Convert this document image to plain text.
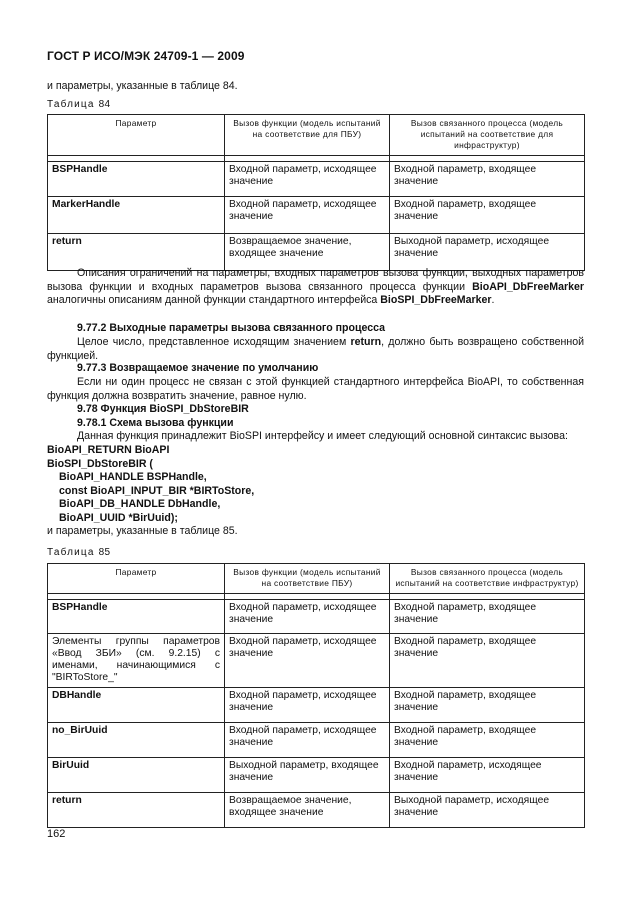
ГОСТ Р ИСО/МЭК 24709-1 — 2009
и параметры, указанные в таблице 84.
Таблица 84
Параметр	Вызов функции (модель испытаний на соответствие для ПБУ)	Вызов связанного процесса (модель испытаний на соответствие для инфраструктур)

BSPHandle	Входной параметр, исходящее значение	Входной параметр, входящее значение
MarkerHandle	Входной параметр, исходящее значение	Входной параметр, входящее значение
return	Возвращаемое значение, входящее значение	Выходной параметр, исходящее значение
Описания ограничений на параметры, входных параметров вызова функции, выходных параметров вызова функции и входных параметров вызова связанного процесса функции BioAPI_DbFreeMarker аналогичны описаниям данной функции стандартного интерфейса BioSPI_DbFreeMarker.
9.77.2 Выходные параметры вызова связанного процесса
Целое число, представленное исходящим значением return, должно быть возвращено собственной функцией.
9.77.3 Возвращаемое значение по умолчанию
Если ни один процесс не связан с этой функцией стандартного интерфейса BioAPI, то собственная функция должна возвратить значение, равное нулю.
9.78 Функция BioSPI_DbStoreBIR
9.78.1 Схема вызова функции
Данная функция принадлежит BioSPI интерфейсу и имеет следующий основной синтаксис вызова:
BioAPI_RETURN BioAPI
BioSPI_DbStoreBIR (
BioAPI_HANDLE BSPHandle,
const BioAPI_INPUT_BIR *BIRToStore,
BioAPI_DB_HANDLE DbHandle,
BioAPI_UUID *BirUuid);
и параметры, указанные в таблице 85.
Таблица 85
Параметр	Вызов функции (модель испытаний на соответствие ПБУ)	Вызов связанного процесса (модель испытаний на соответствие инфраструктур)

BSPHandle	Входной параметр, исходящее значение	Входной параметр, входящее значение
Элементы группы параметров «Ввод ЗБИ» (см. 9.2.15) с именами, начинающимися с "BIRToStore_"	Входной параметр, исходящее значение	Входной параметр, входящее значение
DBHandle	Входной параметр, исходящее значение	Входной параметр, входящее значение
no_BirUuid	Входной параметр, исходящее значение	Входной параметр, входящее значение
BirUuid	Выходной параметр, входящее значение	Входной параметр, исходящее значение
return	Возвращаемое значение, входящее значение	Выходной параметр, исходящее значение
162
